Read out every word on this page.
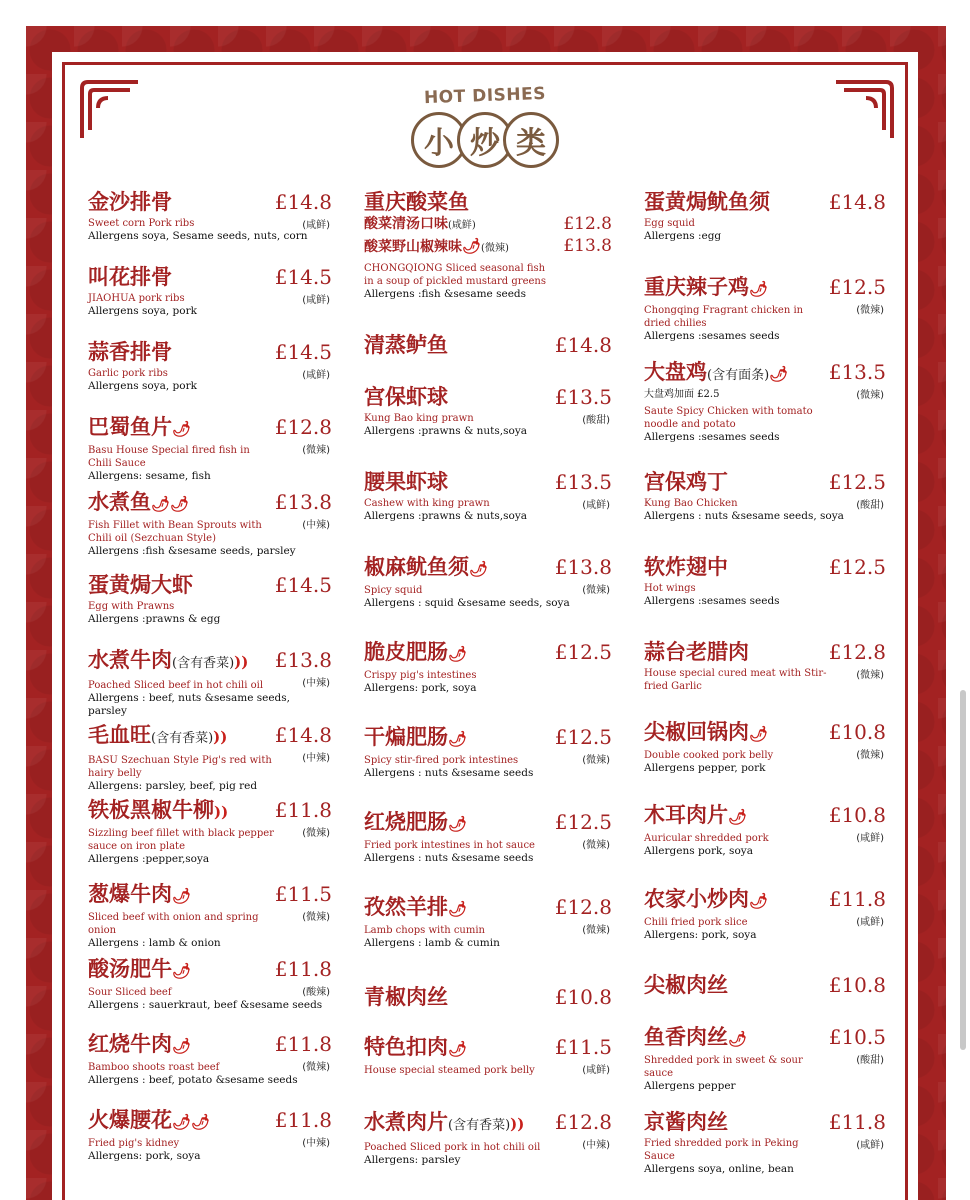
HOT DISHES
小 炒 类
金沙排骨	£14.8
(咸鲜)
Sweet corn Pork ribs
Allergens soya, Sesame seeds, nuts, corn
叫花排骨	£14.5
(咸鲜)
JIAOHUA pork ribs
Allergens soya, pork
蒜香排骨	£14.5
(咸鲜)
Garlic pork ribs
Allergens soya, pork
巴蜀鱼片🌶	£12.8
(微辣)
Basu House Special fired fish in Chili Sauce
Allergens: sesame, fish
水煮鱼🌶🌶	£13.8
(中辣)
Fish Fillet with Bean Sprouts with Chili oil (Sezchuan Style)
Allergens :fish &sesame seeds, parsley
蛋黄焗大虾	£14.5
Egg with Prawns
Allergens :prawns & egg
水煮牛肉(含有香菜)))	£13.8
(中辣)
Poached Sliced beef in hot chili oil
Allergens : beef, nuts &sesame seeds, parsley
毛血旺(含有香菜)))	£14.8
(中辣)
BASU Szechuan Style Pig's red with hairy belly
Allergens: parsley, beef, pig red
铁板黑椒牛柳))	£11.8
(微辣)
Sizzling beef fillet with black pepper sauce on iron plate
Allergens :pepper,soya
葱爆牛肉🌶	£11.5
(微辣)
Sliced beef with onion and spring onion
Allergens : lamb & onion
酸汤肥牛🌶	£11.8
(酸辣)
Sour Sliced beef
Allergens : sauerkraut, beef &sesame seeds
红烧牛肉🌶	£11.8
(微辣)
Bamboo shoots roast beef
Allergens : beef, potato &sesame seeds
火爆腰花🌶🌶	£11.8
(中辣)
Fried pig's kidney
Allergens: pork, soya
重庆酸菜鱼
酸菜清汤口味(咸鲜)	£12.8
酸菜野山椒辣味🌶(微辣)	£13.8
CHONGQIONG Sliced seasonal fish in a soup of pickled mustard greens
Allergens :fish &sesame seeds
清蒸鲈鱼	£14.8
宫保虾球	£13.5
(酸甜)
Kung Bao king prawn
Allergens :prawns & nuts,soya
腰果虾球	£13.5
(咸鲜)
Cashew with king prawn
Allergens :prawns & nuts,soya
椒麻鱿鱼须🌶	£13.8
(微辣)
Spicy squid
Allergens : squid &sesame seeds, soya
脆皮肥肠🌶	£12.5
Crispy pig's intestines
Allergens: pork, soya
干煸肥肠🌶	£12.5
(微辣)
Spicy stir-fired pork intestines
Allergens : nuts &sesame seeds
红烧肥肠🌶	£12.5
(微辣)
Fried pork intestines in hot sauce
Allergens : nuts &sesame seeds
孜然羊排🌶	£12.8
(微辣)
Lamb chops with cumin
Allergens : lamb & cumin
青椒肉丝	£10.8
特色扣肉🌶	£11.5
(咸鲜)
House special steamed pork belly
水煮肉片(含有香菜)))	£12.8
(中辣)
Poached Sliced pork in hot chili oil
Allergens: parsley
蛋黄焗鱿鱼须	£14.8
Egg squid
Allergens :egg
重庆辣子鸡🌶	£12.5
(微辣)
Chongqing Fragrant chicken in dried chilies
Allergens :sesames seeds
大盘鸡(含有面条)🌶	£13.5
(微辣)
大盘鸡加面 £2.5
Saute Spicy Chicken with tomato noodle and potato
Allergens :sesames seeds
宫保鸡丁	£12.5
(酸甜)
Kung Bao Chicken
Allergens : nuts &sesame seeds, soya
软炸翅中	£12.5
Hot wings
Allergens :sesames seeds
蒜台老腊肉	£12.8
(微辣)
House special cured meat with Stir-fried Garlic
尖椒回锅肉🌶	£10.8
(微辣)
Double cooked pork belly
Allergens pepper, pork
木耳肉片🌶	£10.8
(咸鲜)
Auricular shredded pork
Allergens pork, soya
农家小炒肉🌶	£11.8
(咸鲜)
Chili fried pork slice
Allergens: pork, soya
尖椒肉丝	£10.8
鱼香肉丝🌶	£10.5
(酸甜)
Shredded pork in sweet & sour sauce
Allergens pepper
京酱肉丝	£11.8
(咸鲜)
Fried shredded pork in Peking Sauce
Allergens soya, online, bean
